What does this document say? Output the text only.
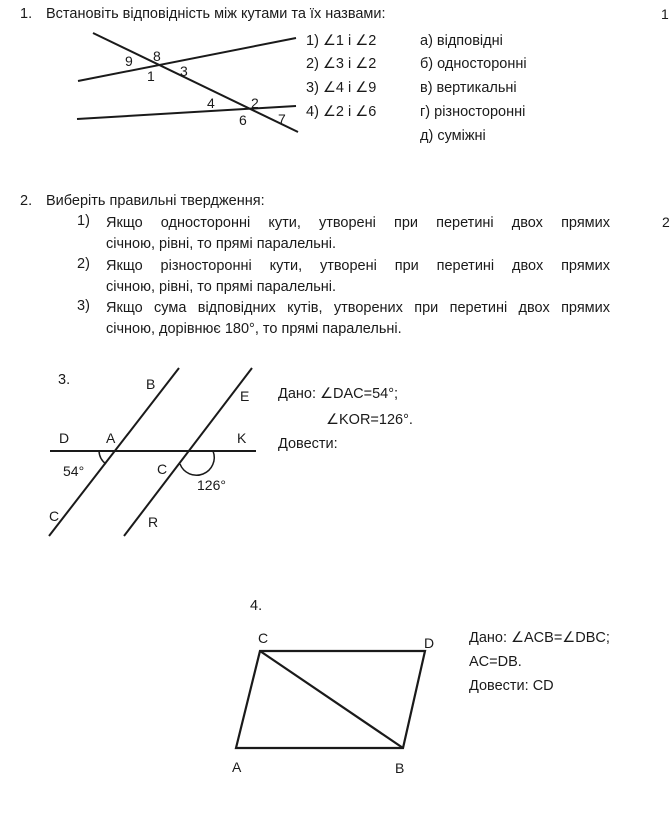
1
2
1. Встановіть відповідність між кутами та їх назвами:
9 8
1 3
4	2
6 7
1) ∠1 і ∠2
2) ∠3 і ∠2
3) ∠4 і ∠9
4) ∠2 і ∠6
а) відповідні
б) односторонні
в) вертикальні
г) різносторонні
д) суміжні
2. Виберіть правильні твердження:
1) Якщо односторонні кути, утворені при перетині двох прямих
січною, рівні, то прямі паралельні.
2) Якщо різносторонні кути, утворені при перетині двох прямих
січною, рівні, то прямі паралельні.
3) Якщо сума відповідних кутів, утворених при перетині двох прямих
січною, дорівнює 180°, то прямі паралельні.
3.	B
E
D	A	K
54°	C
126°
C	R
Дано: ∠DAC=54°;
∠KOR=126°.
Довести:
4.
C	D
A	B
Дано: ∠ACB=∠DBC;
AC=DB.
Довести: CD
